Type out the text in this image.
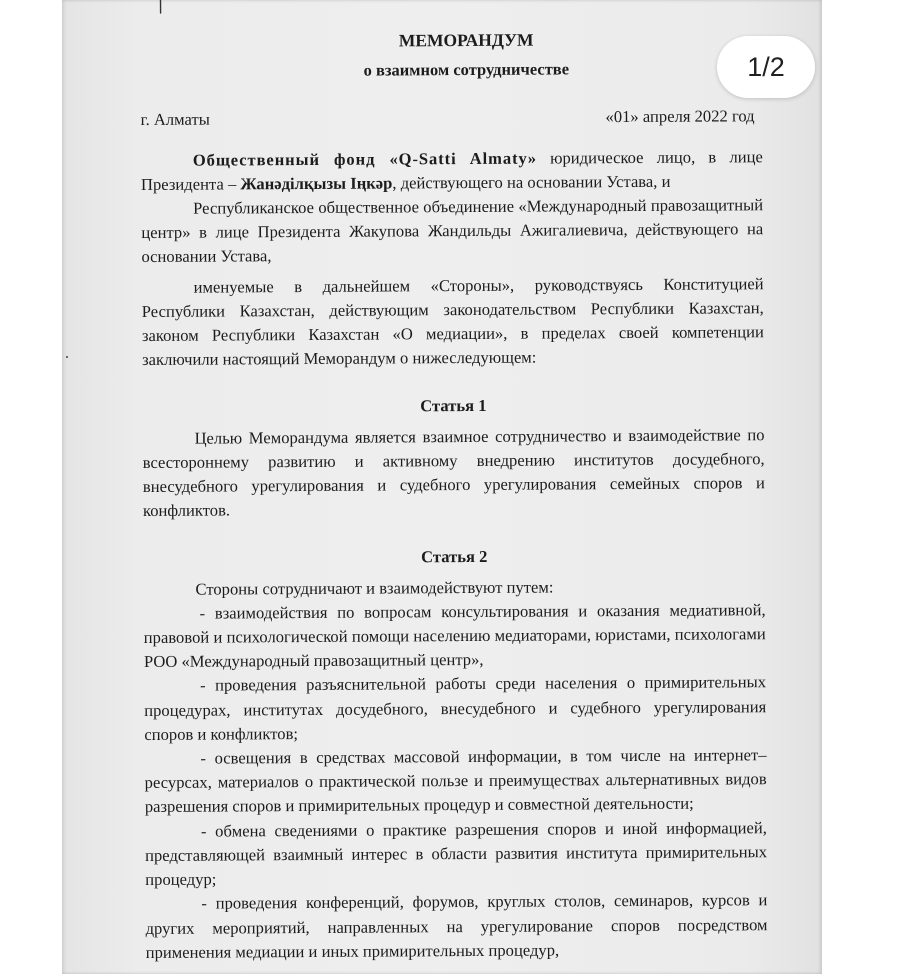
МЕМОРАНДУМ

о взаимном сотрудничестве

г. Алматы	«01» апреля 2022 год

Общественный фонд «Q-Satti Almaty» юридическое лицо, в лице Президента – Жанәділқызы Іңкәр, действующего на основании Устава, и

Республиканское общественное объединение «Международный правозащитный центр» в лице Президента Жакупова Жандильды Ажигалиевича, действующего на основании Устава,

именуемые в дальнейшем «Стороны», руководствуясь Конституцией Республики Казахстан, действующим законодательством Республики Казахстан, законом Республики Казахстан «О медиации», в пределах своей компетенции заключили настоящий Меморандум о нижеследующем:

Статья 1

Целью Меморандума является взаимное сотрудничество и взаимодействие по всестороннему развитию и активному внедрению институтов досудебного, внесудебного урегулирования и судебного урегулирования семейных споров и конфликтов.

Статья 2

Стороны сотрудничают и взаимодействуют путем:

- взаимодействия по вопросам консультирования и оказания медиативной, правовой и психологической помощи населению медиаторами, юристами, психологами РОО «Международный правозащитный центр»,

- проведения разъяснительной работы среди населения о примирительных процедурах, институтах досудебного, внесудебного и судебного урегулирования споров и конфликтов;

- освещения в средствах массовой информации, в том числе на интернет–ресурсах, материалов о практической пользе и преимуществах альтернативных видов разрешения споров и примирительных процедур и совместной деятельности;

- обмена сведениями о практике разрешения споров и иной информацией, представляющей взаимный интерес в области развития института примирительных процедур;

- проведения конференций, форумов, круглых столов, семинаров, курсов и других мероприятий, направленных на урегулирование споров посредством применения медиации и иных примирительных процедур,

1/2
